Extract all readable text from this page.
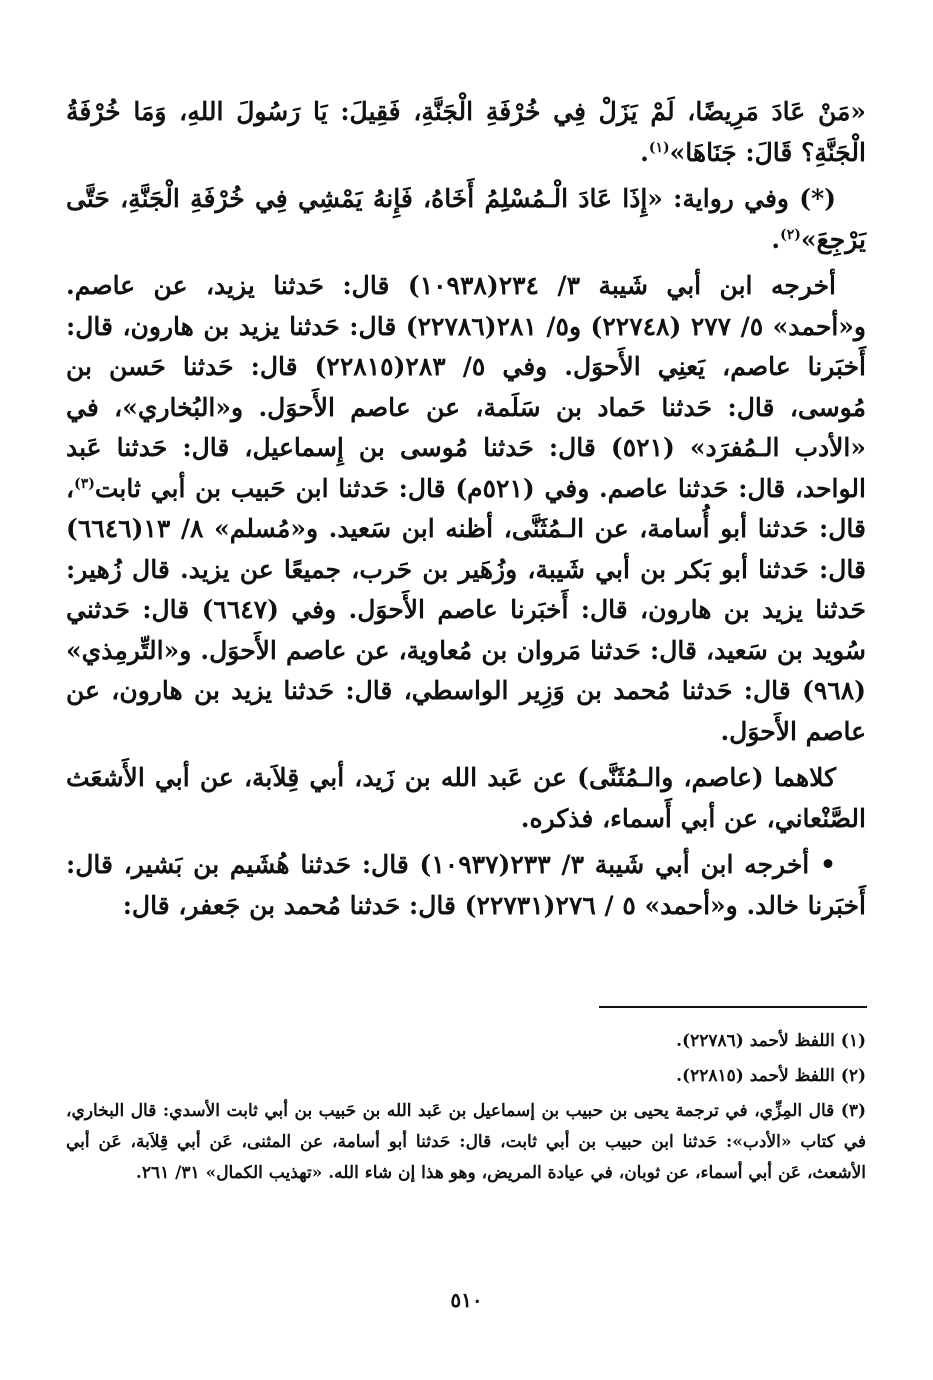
«مَنْ عَادَ مَرِيضًا، لَمْ يَزَلْ فِي خُرْفَةِ الْجَنَّةِ، فَقِيلَ: يَا رَسُولَ اللهِ، وَمَا خُرْفَةُ الْجَنَّةِ؟ قَالَ: جَنَاهَا»$^{(١)}$.

(*) وفي رواية: «إِذَا عَادَ الْـمُسْلِمُ أَخَاهُ، فَإِنهُ يَمْشِي فِي خُرْفَةِ الْجَنَّةِ، حَتَّى يَرْجِعَ»$^{(٢)}$.

أخرجه ابن أبي شَيبة ٣/ ٢٣٤(١٠٩٣٨) قال: حَدثنا يزيد، عن عاصم. و«أحمد» ٥/ ٢٧٧ (٢٢٧٤٨) و٥/ ٢٨١(٢٢٧٨٦) قال: حَدثنا يزيد بن هارون، قال: أَخبَرنا عاصم، يَعنِي الأَحوَل. وفي ٥/ ٢٨٣(٢٢٨١٥) قال: حَدثنا حَسن بن مُوسى، قال: حَدثنا حَماد بن سَلَمة، عن عاصم الأَحوَل. و«البُخاري»، في «الأدب الـمُفرَد» (٥٢١) قال: حَدثنا مُوسى بن إِسماعيل، قال: حَدثنا عَبد الواحد، قال: حَدثنا عاصم. وفي (٥٢١م) قال: حَدثنا ابن حَبيب بن أبي ثابت$^{(٣)}$، قال: حَدثنا أبو أُسامة، عن الـمُثَنَّى، أظنه ابن سَعيد. و«مُسلم» ٨/ ١٣(٦٦٤٦) قال: حَدثنا أبو بَكر بن أبي شَيبة، وزُهَير بن حَرب، جميعًا عن يزيد. قال زُهير: حَدثنا يزيد بن هارون، قال: أَخبَرنا عاصم الأَحوَل. وفي (٦٦٤٧) قال: حَدثني سُويد بن سَعيد، قال: حَدثنا مَروان بن مُعاوية، عن عاصم الأَحوَل. و«التِّرمِذي» (٩٦٨) قال: حَدثنا مُحمد بن وَزِير الواسطي، قال: حَدثنا يزيد بن هارون، عن عاصم الأَحوَل.

كلاهما (عاصم، والـمُثَنَّى) عن عَبد الله بن زَيد، أبي قِلاَبة، عن أبي الأَشعَث الصَّنْعاني، عن أبي أَسماء، فذكره.

• أخرجه ابن أبي شَيبة ٣/ ٢٣٣(١٠٩٣٧) قال: حَدثنا هُشَيم بن بَشير، قال: أَخبَرنا خالد. و«أحمد» ٥ / ٢٧٦(٢٢٧٣١) قال: حَدثنا مُحمد بن جَعفر، قال:

(١) اللفظ لأحمد (٢٢٧٨٦).

(٢) اللفظ لأحمد (٢٢٨١٥).

(٣) قال المِزِّي، في ترجمة يحيى بن حبيب بن إسماعيل بن عَبد الله بن حَبيب بن أبي ثابت الأسدي: قال البخاري، في كتاب «الأدب»: حَدثنا ابن حبيب بن أبي ثابت، قال: حَدثنا أبو أسامة، عن المثنى، عَن أبي قِلاَبة، عَن أبي الأشعث، عَن أبي أسماء، عن ثوبان، في عيادة المريض، وهو هذا إن شاء الله. «تهذيب الكمال» ٣١/ ٢٦١.

٥١٠
